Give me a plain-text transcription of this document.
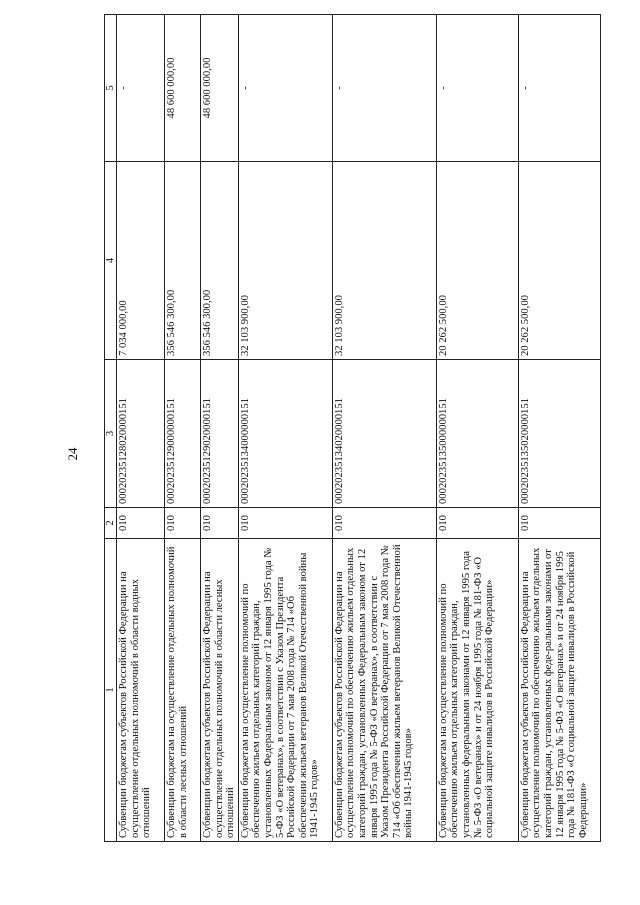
24
1	2	3	4	5
Субвенции бюджетам субъектов Российской Федерации на осуществление отдельных полномочий в области водных отношений	010	00020235128020000151	7 034 000,00	-
Субвенции бюджетам на осуществление отдельных полномочий в области лесных отношений	010	00020235129000000151	356 546 300,00	48 600 000,00
Субвенции бюджетам субъектов Российской Федерации на осуществление отдельных полномочий в области лесных отношений	010	00020235129020000151	356 546 300,00	48 600 000,00
Субвенции бюджетам на осуществление полномочий по обеспечению жильем отдельных категорий граждан, установленных Федеральным законом от 12 января 1995 года № 5-ФЗ «О ветеранах», в соответствии с Указом Президента Российской Федерации от 7 мая 2008 года № 714 «Об обеспечении жильем ветеранов Великой Отечественной войны 1941-1945 годов»	010	00020235134000000151	32 103 900,00	-
Субвенции бюджетам субъектов Российской Федерации на осуществление полномочий по обеспечению жильем отдельных категорий граждан, установленных Федеральным законом от 12 января 1995 года № 5-ФЗ «О ветеранах», в соответствии с Указом Президента Российской Федерации от 7 мая 2008 года № 714 «Об обеспечении жильем ветеранов Великой Отечественной войны 1941-1945 годов»	010	00020235134020000151	32 103 900,00	-
Субвенции бюджетам на осуществление полномочий по обеспечению жильем отдельных категорий граждан, установленных федеральными законами от 12 января 1995 года № 5-ФЗ «О ветеранах» и от 24 ноября 1995 года № 181-ФЗ «О социальной защите инвалидов в Российской Федерации»	010	00020235135000000151	20 262 500,00	-
Субвенции бюджетам субъектов Российской Федерации на осуществление полномочий по обеспечению жильем отдельных категорий граждан, установленных феде-ральными законами от 12 января 1995 года № 5-ФЗ «О ветеранах» и от 24 ноября 1995 года № 181-ФЗ «О социальной защите инвалидов в Российской Федерации»	010	00020235135020000151	20 262 500,00	-
